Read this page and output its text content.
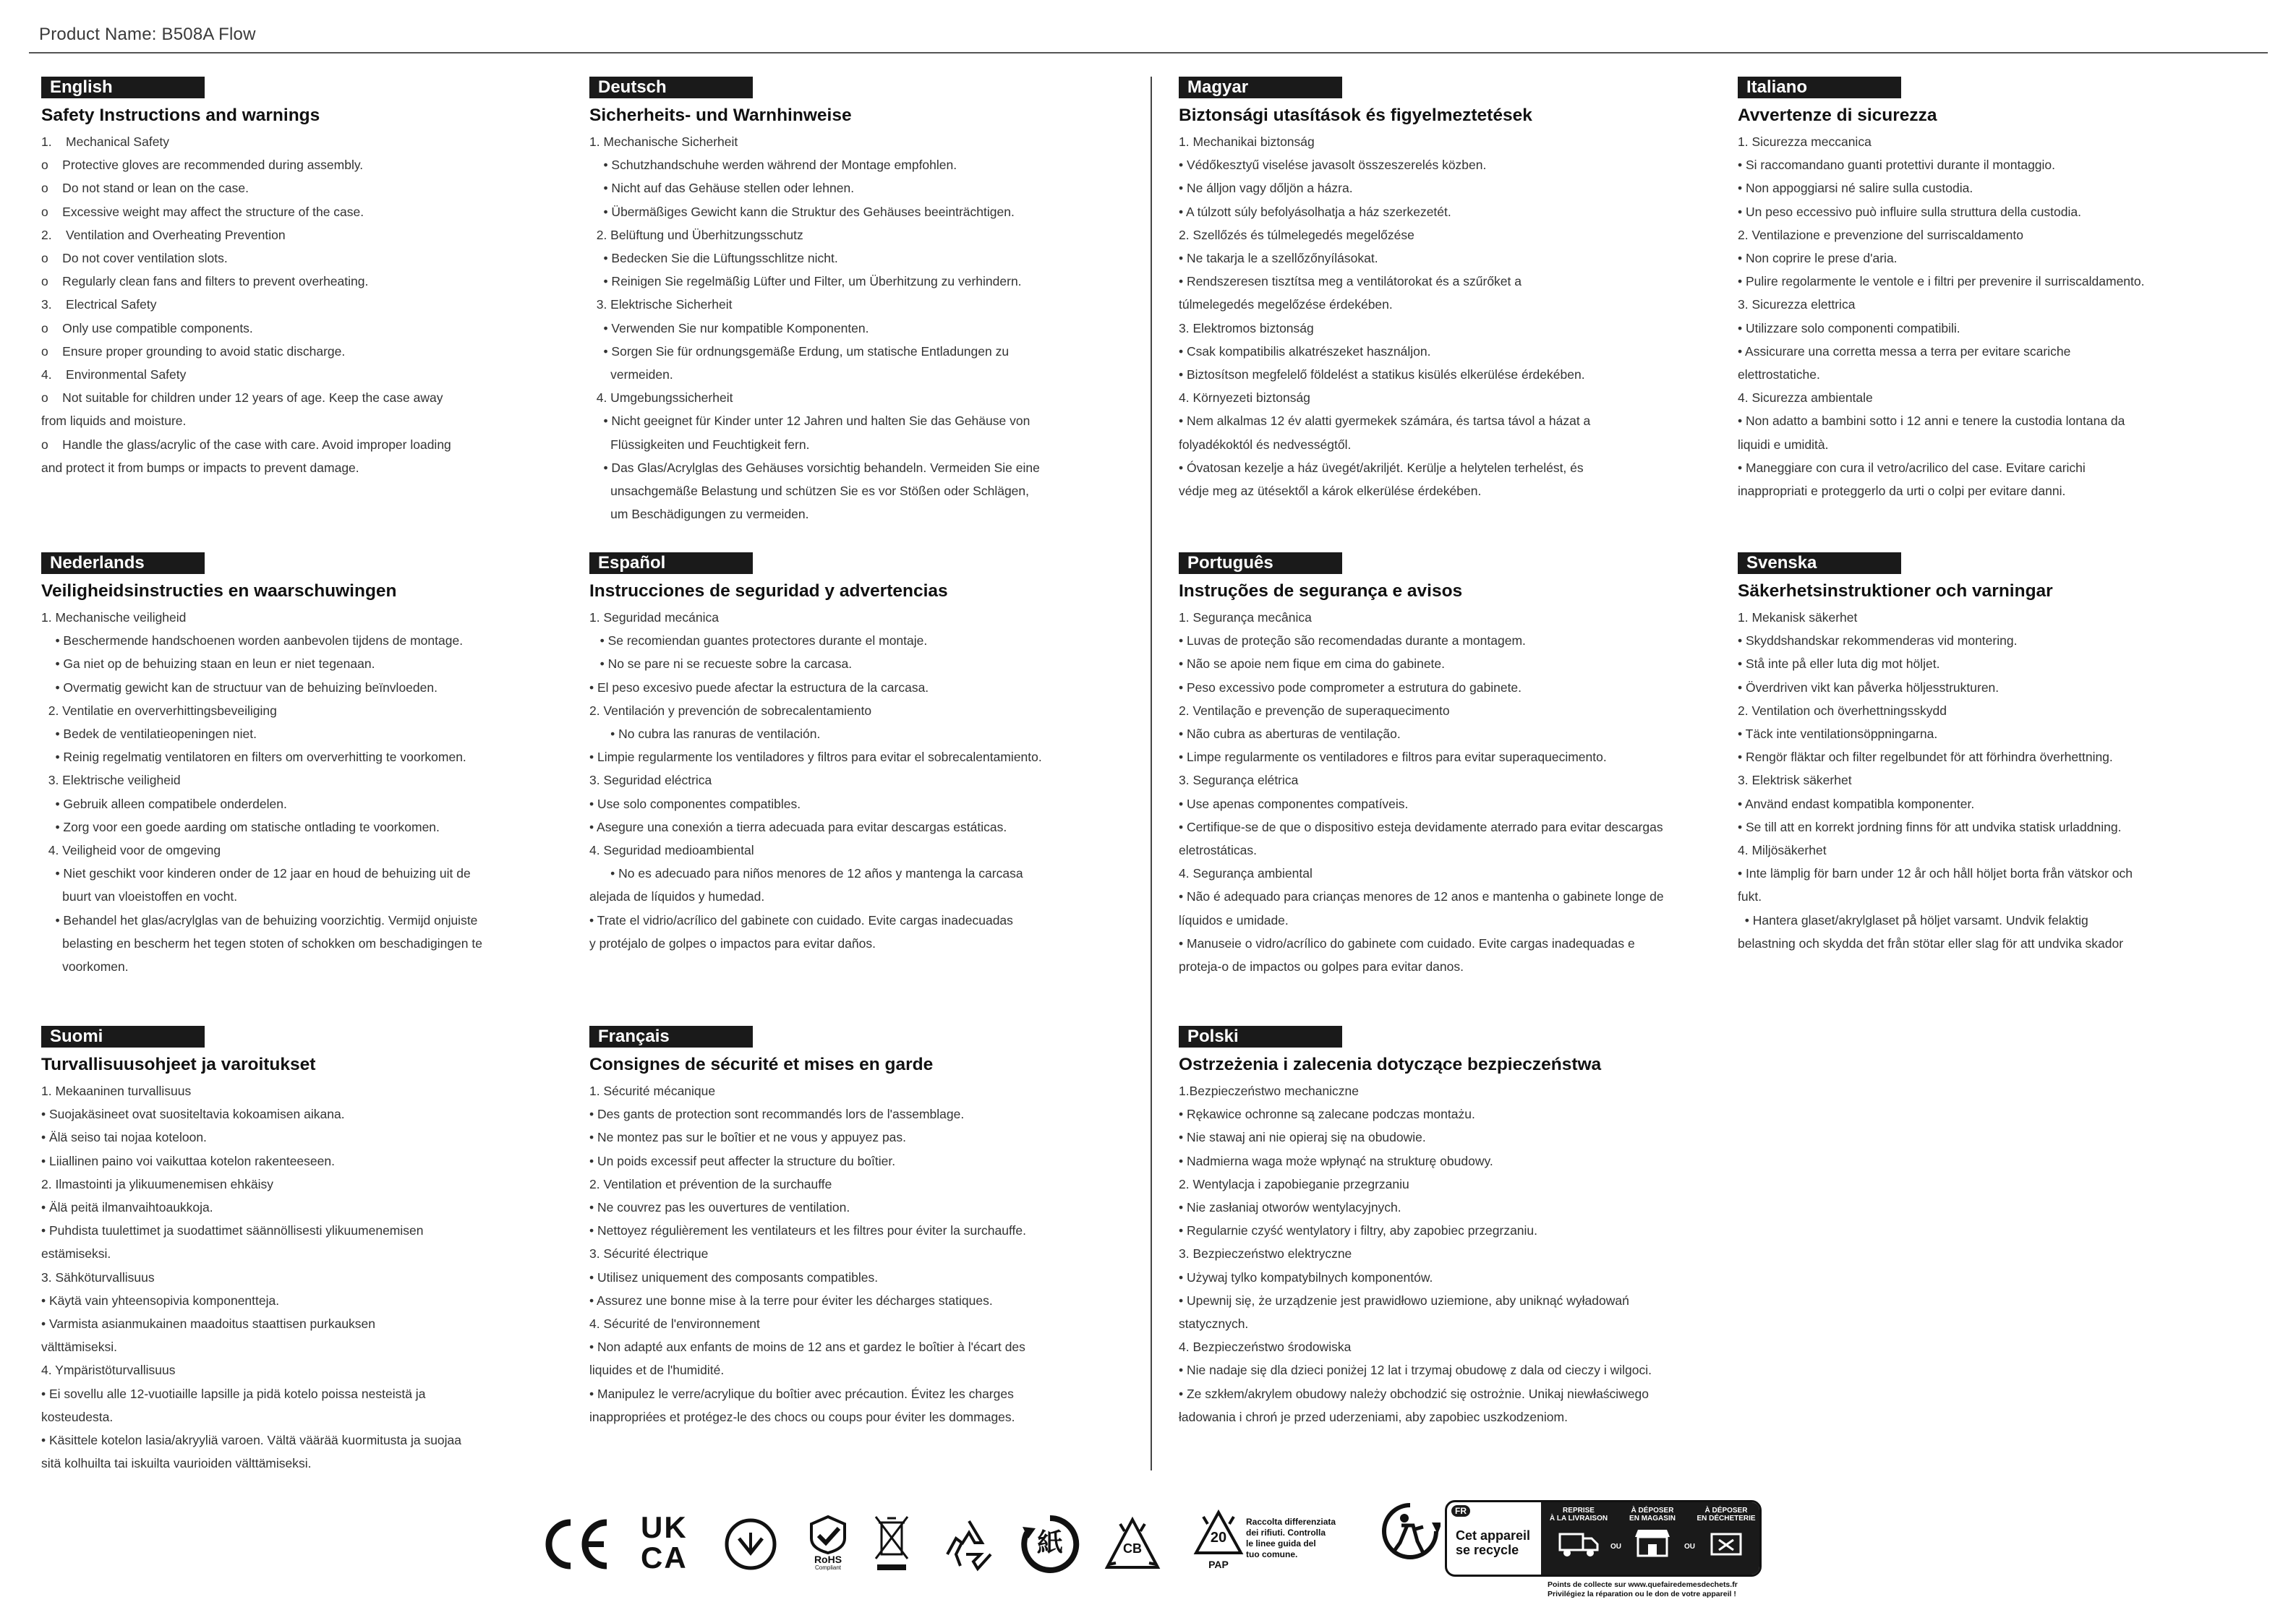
Product Name: B508A Flow
English
Safety Instructions and warnings
1.    Mechanical Safety
o    Protective gloves are recommended during assembly.
o    Do not stand or lean on the case.
o    Excessive weight may affect the structure of the case.
2.    Ventilation and Overheating Prevention
o    Do not cover ventilation slots.
o    Regularly clean fans and filters to prevent overheating.
3.    Electrical Safety
o    Only use compatible components.
o    Ensure proper grounding to avoid static discharge.
4.    Environmental Safety
o    Not suitable for children under 12 years of age. Keep the case away
from liquids and moisture.
o    Handle the glass/acrylic of the case with care. Avoid improper loading
and protect it from bumps or impacts to prevent damage.
Deutsch
Sicherheits- und Warnhinweise
1. Mechanische Sicherheit
• Schutzhandschuhe werden während der Montage empfohlen.
• Nicht auf das Gehäuse stellen oder lehnen.
• Übermäßiges Gewicht kann die Struktur des Gehäuses beeinträchtigen.
2. Belüftung und Überhitzungsschutz
• Bedecken Sie die Lüftungsschlitze nicht.
• Reinigen Sie regelmäßig Lüfter und Filter, um Überhitzung zu verhindern.
3. Elektrische Sicherheit
• Verwenden Sie nur kompatible Komponenten.
• Sorgen Sie für ordnungsgemäße Erdung, um statische Entladungen zu
vermeiden.
4. Umgebungssicherheit
• Nicht geeignet für Kinder unter 12 Jahren und halten Sie das Gehäuse von
Flüssigkeiten und Feuchtigkeit fern.
• Das Glas/Acrylglas des Gehäuses vorsichtig behandeln. Vermeiden Sie eine
unsachgemäße Belastung und schützen Sie es vor Stößen oder Schlägen,
um Beschädigungen zu vermeiden.
Magyar
Biztonsági utasítások és figyelmeztetések
1. Mechanikai biztonság
• Védőkesztyű viselése javasolt összeszerelés közben.
• Ne álljon vagy dőljön a házra.
• A túlzott súly befolyásolhatja a ház szerkezetét.
2. Szellőzés és túlmelegedés megelőzése
• Ne takarja le a szellőzőnyílásokat.
• Rendszeresen tisztítsa meg a ventilátorokat és a szűrőket a
túlmelegedés megelőzése érdekében.
3. Elektromos biztonság
• Csak kompatibilis alkatrészeket használjon.
• Biztosítson megfelelő földelést a statikus kisülés elkerülése érdekében.
4. Környezeti biztonság
• Nem alkalmas 12 év alatti gyermekek számára, és tartsa távol a házat a
folyadékoktól és nedvességtől.
• Óvatosan kezelje a ház üvegét/akriljét. Kerülje a helytelen terhelést, és
védje meg az ütésektől a károk elkerülése érdekében.
Italiano
Avvertenze di sicurezza
1. Sicurezza meccanica
• Si raccomandano guanti protettivi durante il montaggio.
• Non appoggiarsi né salire sulla custodia.
• Un peso eccessivo può influire sulla struttura della custodia.
2. Ventilazione e prevenzione del surriscaldamento
• Non coprire le prese d'aria.
• Pulire regolarmente le ventole e i filtri per prevenire il surriscaldamento.
3. Sicurezza elettrica
• Utilizzare solo componenti compatibili.
• Assicurare una corretta messa a terra per evitare scariche
elettrostatiche.
4. Sicurezza ambientale
• Non adatto a bambini sotto i 12 anni e tenere la custodia lontana da
liquidi e umidità.
• Maneggiare con cura il vetro/acrilico del case. Evitare carichi
inappropriati e proteggerlo da urti o colpi per evitare danni.
Nederlands
Veiligheidsinstructies en waarschuwingen
1. Mechanische veiligheid
• Beschermende handschoenen worden aanbevolen tijdens de montage.
• Ga niet op de behuizing staan en leun er niet tegenaan.
• Overmatig gewicht kan de structuur van de behuizing beïnvloeden.
2. Ventilatie en oververhittingsbeveiliging
• Bedek de ventilatieopeningen niet.
• Reinig regelmatig ventilatoren en filters om oververhitting te voorkomen.
3. Elektrische veiligheid
• Gebruik alleen compatibele onderdelen.
• Zorg voor een goede aarding om statische ontlading te voorkomen.
4. Veiligheid voor de omgeving
• Niet geschikt voor kinderen onder de 12 jaar en houd de behuizing uit de
buurt van vloeistoffen en vocht.
• Behandel het glas/acrylglas van de behuizing voorzichtig. Vermijd onjuiste
belasting en bescherm het tegen stoten of schokken om beschadigingen te
voorkomen.
Español
Instrucciones de seguridad y advertencias
1. Seguridad mecánica
• Se recomiendan guantes protectores durante el montaje.
• No se pare ni se recueste sobre la carcasa.
• El peso excesivo puede afectar la estructura de la carcasa.
2. Ventilación y prevención de sobrecalentamiento
• No cubra las ranuras de ventilación.
• Limpie regularmente los ventiladores y filtros para evitar el sobrecalentamiento.
3. Seguridad eléctrica
• Use solo componentes compatibles.
• Asegure una conexión a tierra adecuada para evitar descargas estáticas.
4. Seguridad medioambiental
• No es adecuado para niños menores de 12 años y mantenga la carcasa
alejada de líquidos y humedad.
• Trate el vidrio/acrílico del gabinete con cuidado. Evite cargas inadecuadas
y protéjalo de golpes o impactos para evitar daños.
Português
Instruções de segurança e avisos
1. Segurança mecânica
• Luvas de proteção são recomendadas durante a montagem.
• Não se apoie nem fique em cima do gabinete.
• Peso excessivo pode comprometer a estrutura do gabinete.
2. Ventilação e prevenção de superaquecimento
• Não cubra as aberturas de ventilação.
• Limpe regularmente os ventiladores e filtros para evitar superaquecimento.
3. Segurança elétrica
• Use apenas componentes compatíveis.
• Certifique-se de que o dispositivo esteja devidamente aterrado para evitar descargas
eletrostáticas.
4. Segurança ambiental
• Não é adequado para crianças menores de 12 anos e mantenha o gabinete longe de
líquidos e umidade.
• Manuseie o vidro/acrílico do gabinete com cuidado. Evite cargas inadequadas e
proteja-o de impactos ou golpes para evitar danos.
Svenska
Säkerhetsinstruktioner och varningar
1. Mekanisk säkerhet
• Skyddshandskar rekommenderas vid montering.
• Stå inte på eller luta dig mot höljet.
• Överdriven vikt kan påverka höljesstrukturen.
2. Ventilation och överhettningsskydd
• Täck inte ventilationsöppningarna.
• Rengör fläktar och filter regelbundet för att förhindra överhettning.
3. Elektrisk säkerhet
• Använd endast kompatibla komponenter.
• Se till att en korrekt jordning finns för att undvika statisk urladdning.
4. Miljösäkerhet
• Inte lämplig för barn under 12 år och håll höljet borta från vätskor och
fukt.
• Hantera glaset/akrylglaset på höljet varsamt. Undvik felaktig
belastning och skydda det från stötar eller slag för att undvika skador
Suomi
Turvallisuusohjeet ja varoitukset
1. Mekaaninen turvallisuus
• Suojakäsineet ovat suositeltavia kokoamisen aikana.
• Älä seiso tai nojaa koteloon.
• Liiallinen paino voi vaikuttaa kotelon rakenteeseen.
2. Ilmastointi ja ylikuumenemisen ehkäisy
• Älä peitä ilmanvaihtoaukkoja.
• Puhdista tuulettimet ja suodattimet säännöllisesti ylikuumenemisen
estämiseksi.
3. Sähköturvallisuus
• Käytä vain yhteensopivia komponentteja.
• Varmista asianmukainen maadoitus staattisen purkauksen
välttämiseksi.
4. Ympäristöturvallisuus
• Ei sovellu alle 12-vuotiaille lapsille ja pidä kotelo poissa nesteistä ja
kosteudesta.
• Käsittele kotelon lasia/akryyliä varoen. Vältä väärää kuormitusta ja suojaa
sitä kolhuilta tai iskuilta vaurioiden välttämiseksi.
Français
Consignes de sécurité et mises en garde
1. Sécurité mécanique
• Des gants de protection sont recommandés lors de l'assemblage.
• Ne montez pas sur le boîtier et ne vous y appuyez pas.
• Un poids excessif peut affecter la structure du boîtier.
2. Ventilation et prévention de la surchauffe
• Ne couvrez pas les ouvertures de ventilation.
• Nettoyez régulièrement les ventilateurs et les filtres pour éviter la surchauffe.
3. Sécurité électrique
• Utilisez uniquement des composants compatibles.
• Assurez une bonne mise à la terre pour éviter les décharges statiques.
4. Sécurité de l'environnement
• Non adapté aux enfants de moins de 12 ans et gardez le boîtier à l'écart des
liquides et de l'humidité.
• Manipulez le verre/acrylique du boîtier avec précaution. Évitez les charges
inappropriées et protégez-le des chocs ou coups pour éviter les dommages.
Polski
Ostrzeżenia i zalecenia dotyczące bezpieczeństwa
1.Bezpieczeństwo mechaniczne
• Rękawice ochronne są zalecane podczas montażu.
• Nie stawaj ani nie opieraj się na obudowie.
• Nadmierna waga może wpłynąć na strukturę obudowy.
2. Wentylacja i zapobieganie przegrzaniu
• Nie zasłaniaj otworów wentylacyjnych.
• Regularnie czyść wentylatory i filtry, aby zapobiec przegrzaniu.
3. Bezpieczeństwo elektryczne
• Używaj tylko kompatybilnych komponentów.
• Upewnij się, że urządzenie jest prawidłowo uziemione, aby uniknąć wyładowań
statycznych.
4. Bezpieczeństwo środowiska
• Nie nadaje się dla dzieci poniżej 12 lat i trzymaj obudowę z dala od cieczy i wilgoci.
• Ze szkłem/akrylem obudowy należy obchodzić się ostrożnie. Unikaj niewłaściwego
ładowania i chroń je przed uderzeniami, aby zapobiec uszkodzeniom.
UK
CA	RoHS
Compliant
紙	CB
20
PAP
Raccolta differenziata
dei rifiuti. Controlla
le linee guida del
tuo comune.
FR
Cet appareil
se recycle
REPRISE
À LA LIVRAISON
OU
À DÉPOSER
EN MAGASIN
OU
À DÉPOSER
EN DÉCHETERIE
Points de collecte sur www.quefairedemesdechets.fr
Privilégiez la réparation ou le don de votre appareil !
